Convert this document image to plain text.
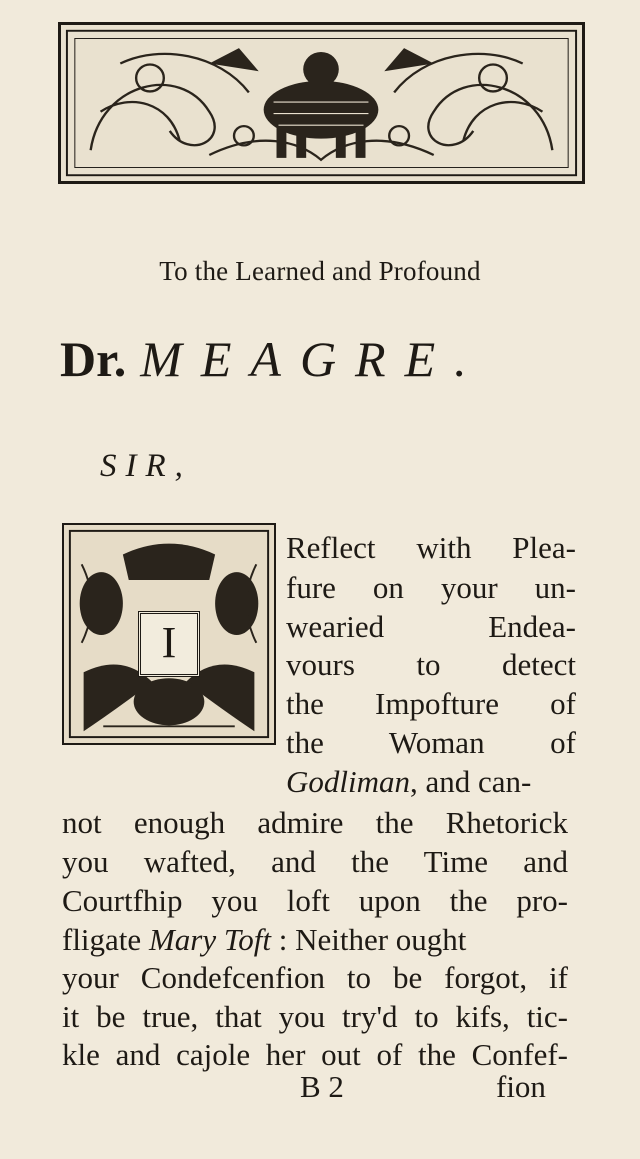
To the Learned and Profound
Dr. MEAGRE.
SIR,
I
Reflect with Plea-
fure on your un-
wearied Endea-
vours to detect
the Impofture of
the Woman of
Godliman, and can-
not enough admire the Rhetorick
you wafted, and the Time and
Courtfhip you loft upon the pro-
fligate Mary Toft : Neither ought
your Condefcenfion to be forgot, if
it be true, that you try'd to kifs, tic-
kle and cajole her out of the Confef-
B 2	fion
